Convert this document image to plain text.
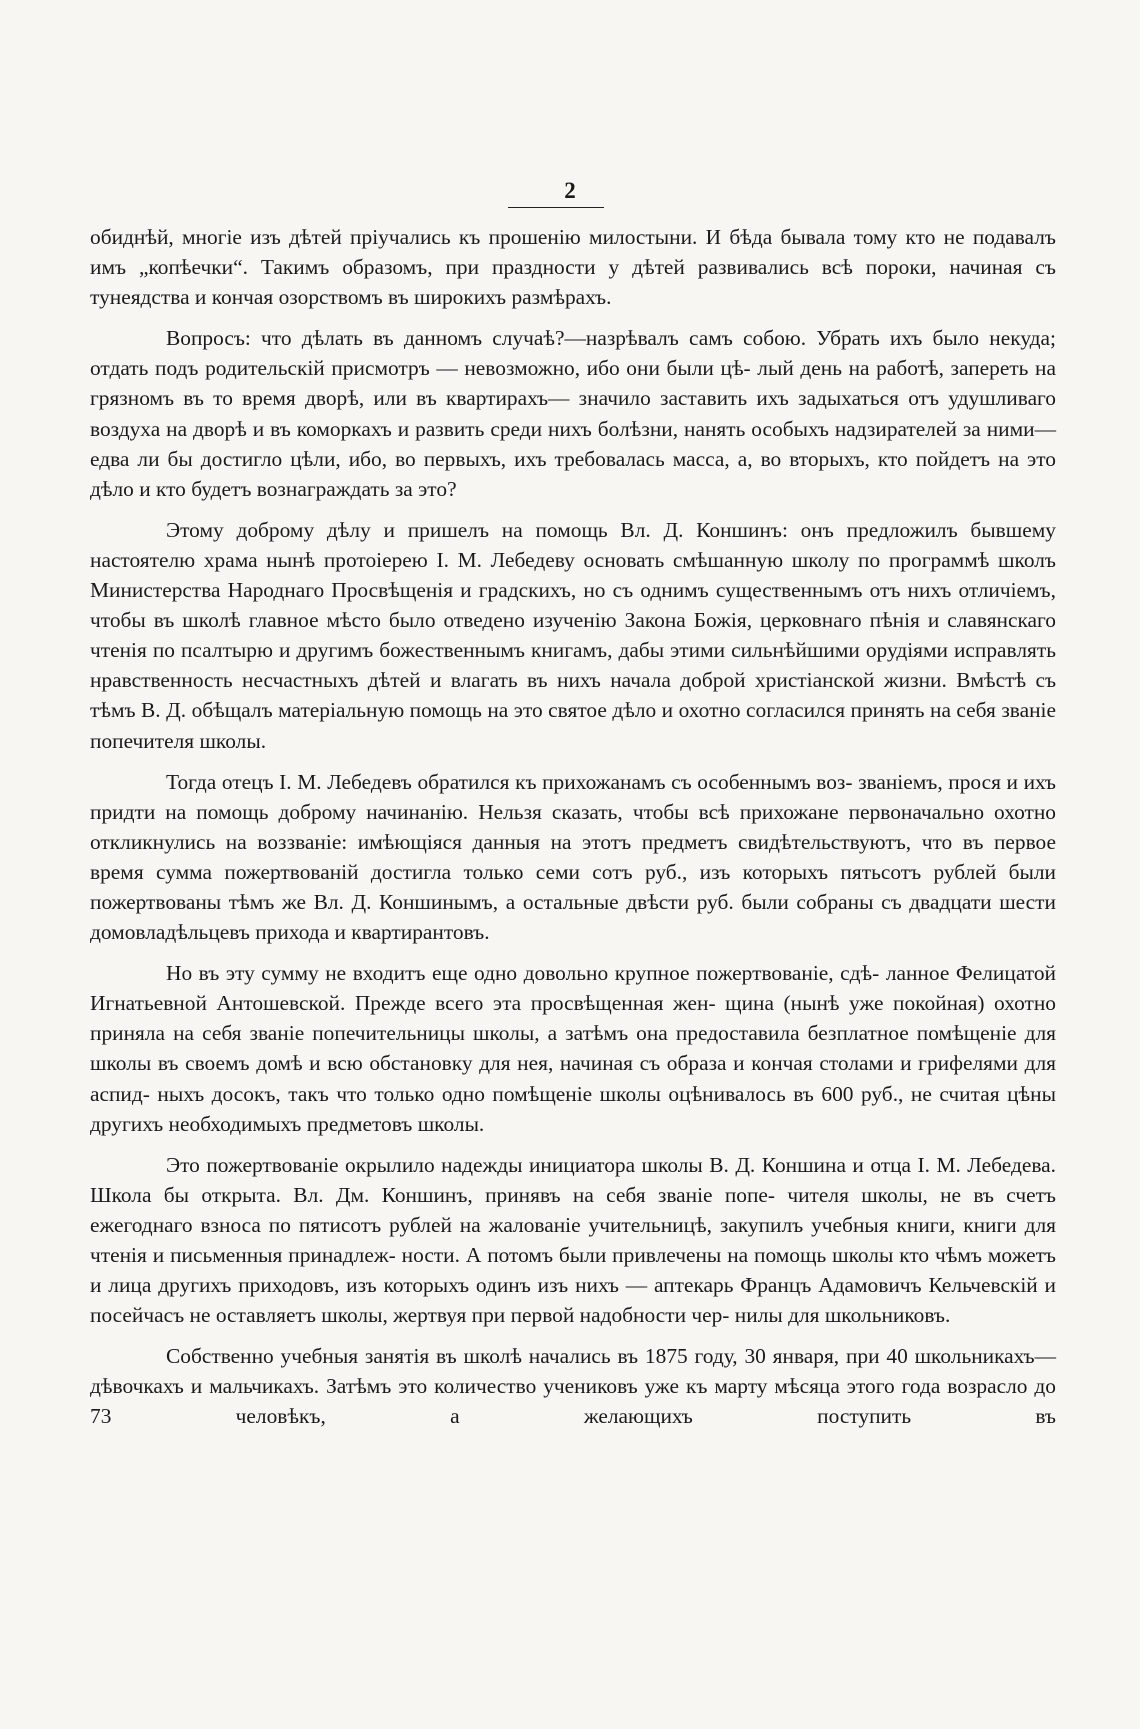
2

обиднѣй, многіе изъ дѣтей пріучались къ прошенію милостыни. И бѣда бывала тому кто не подавалъ имъ „копѣечки“. Такимъ образомъ, при праздности у дѣтей развивались всѣ пороки, начиная съ тунеядства и кончая озорствомъ въ широкихъ размѣрахъ.

Вопросъ: что дѣлать въ данномъ случаѣ?—назрѣвалъ самъ собою. Убрать ихъ было некуда; отдать подъ родительскій присмотръ — невозможно, ибо они были цѣ- лый день на работѣ, запереть на грязномъ въ то время дворѣ, или въ квартирахъ— значило заставить ихъ задыхаться отъ удушливаго воздуха на дворѣ и въ коморкахъ и развить среди нихъ болѣзни, нанять особыхъ надзирателей за ними—едва ли бы достигло цѣли, ибо, во первыхъ, ихъ требовалась масса, а, во вторыхъ, кто пойдетъ на это дѣло и кто будетъ вознаграждать за это?

Этому доброму дѣлу и пришелъ на помощь Вл. Д. Коншинъ: онъ предложилъ бывшему настоятелю храма нынѣ протоіерею І. М. Лебедеву основать смѣшанную школу по программѣ школъ Министерства Народнаго Просвѣщенія и градскихъ, но съ однимъ существеннымъ отъ нихъ отличіемъ, чтобы въ школѣ главное мѣсто было отведено изученію Закона Божія, церковнаго пѣнія и славянскаго чтенія по псалтырю и другимъ божественнымъ книгамъ, дабы этими сильнѣйшими орудіями исправлять нравственность несчастныхъ дѣтей и влагать въ нихъ начала доброй христіанской жизни. Вмѣстѣ съ тѣмъ В. Д. обѣщалъ матеріальную помощь на это святое дѣло и охотно согласился принять на себя званіе попечителя школы.

Тогда отецъ І. М. Лебедевъ обратился къ прихожанамъ съ особеннымъ воз- званіемъ, прося и ихъ придти на помощь доброму начинанію. Нельзя сказать, чтобы всѣ прихожане первоначально охотно откликнулись на воззваніе: имѣющіяся данныя на этотъ предметъ свидѣтельствуютъ, что въ первое время сумма пожертвованій достигла только семи сотъ руб., изъ которыхъ пятьсотъ рублей были пожертвованы тѣмъ же Вл. Д. Коншинымъ, а остальные двѣсти руб. были собраны съ двадцати шести домовладѣльцевъ прихода и квартирантовъ.

Но въ эту сумму не входитъ еще одно довольно крупное пожертвованіе, сдѣ- ланное Фелицатой Игнатьевной Антошевской. Прежде всего эта просвѣщенная жен- щина (нынѣ уже покойная) охотно приняла на себя званіе попечительницы школы, а затѣмъ она предоставила безплатное помѣщеніе для школы въ своемъ домѣ и всю обстановку для нея, начиная съ образа и кончая столами и грифелями для аспид- ныхъ досокъ, такъ что только одно помѣщеніе школы оцѣнивалось въ 600 руб., не считая цѣны другихъ необходимыхъ предметовъ школы.

Это пожертвованіе окрылило надежды инициатора школы В. Д. Коншина и отца І. М. Лебедева. Школа бы открыта. Вл. Дм. Коншинъ, принявъ на себя званіе попе- чителя школы, не въ счетъ ежегоднаго взноса по пятисотъ рублей на жалованіе учительницѣ, закупилъ учебныя книги, книги для чтенія и письменныя принадлеж- ности. А потомъ были привлечены на помощь школы кто чѣмъ можетъ и лица другихъ приходовъ, изъ которыхъ одинъ изъ нихъ — аптекарь Францъ Адамовичъ Кельчевскій и посейчасъ не оставляетъ школы, жертвуя при первой надобности чер- нилы для школьниковъ.

Собственно учебныя занятія въ школѣ начались въ 1875 году, 30 января, при 40 школьникахъ—дѣвочкахъ и мальчикахъ. Затѣмъ это количество учениковъ уже къ марту мѣсяца этого года возрасло до 73 человѣкъ, а желающихъ поступить въ
